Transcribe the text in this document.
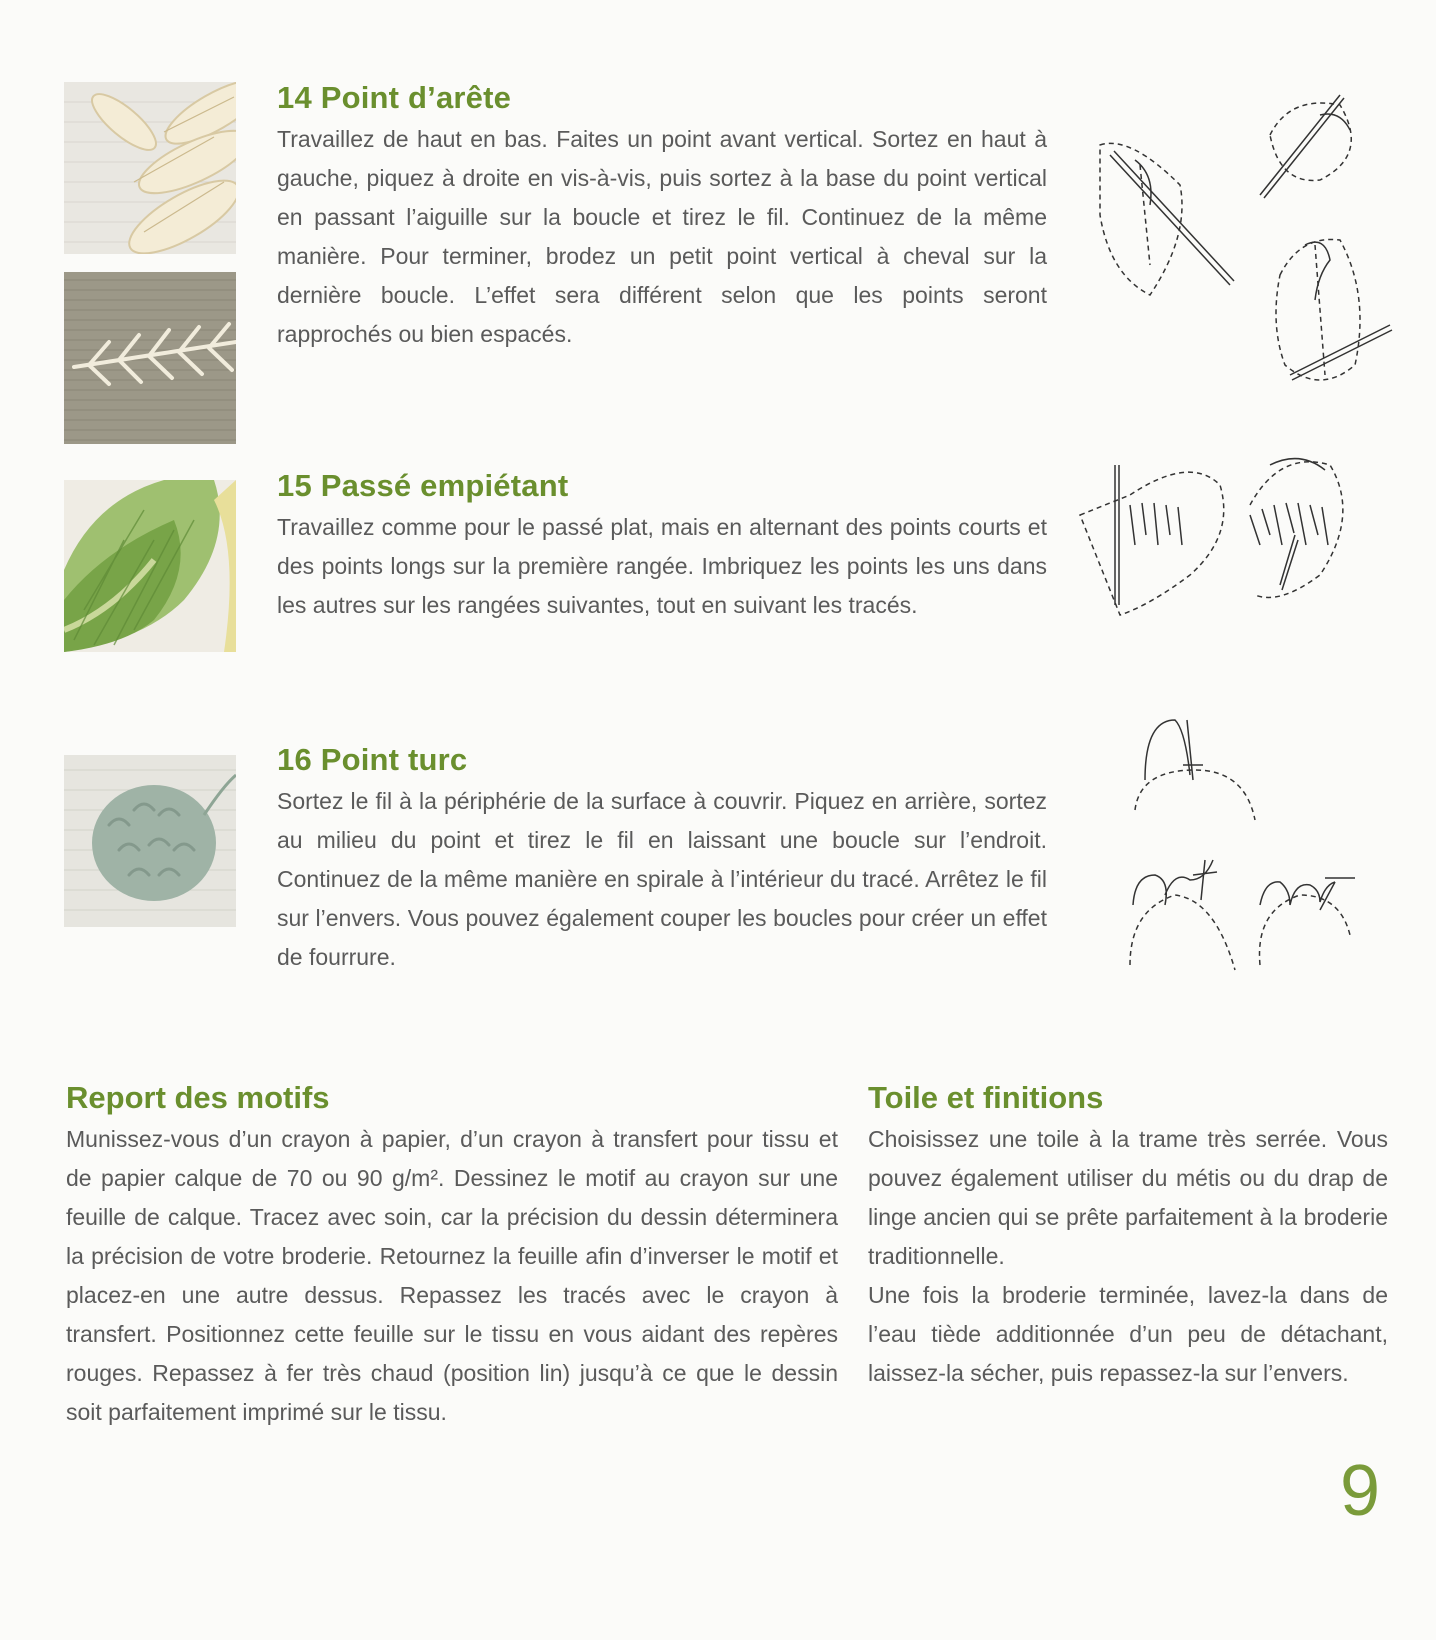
14 Point d’arête

Travaillez de haut en bas. Faites un point avant vertical. Sortez en haut à gauche, piquez à droite en vis-à-vis, puis sortez à la base du point vertical en passant l’aiguille sur la boucle et tirez le fil. Continuez de la même manière. Pour terminer, brodez un petit point vertical à cheval sur la dernière boucle. L’effet sera différent selon que les points seront rapprochés ou bien espacés.

15 Passé empiétant

Travaillez comme pour le passé plat, mais en alternant des points courts et des points longs sur la première rangée. Imbriquez les points les uns dans les autres sur les rangées suivantes, tout en suivant les tracés.

16 Point turc

Sortez le fil à la périphérie de la surface à couvrir. Piquez en arrière, sortez au milieu du point et tirez le fil en laissant une boucle sur l’endroit. Continuez de la même manière en spirale à l’intérieur du tracé. Arrêtez le fil sur l’envers. Vous pouvez également couper les boucles pour créer un effet de fourrure.

Report des motifs

Munissez-vous d’un crayon à papier, d’un crayon à transfert pour tissu et de papier calque de 70 ou 90 g/m². Dessinez le motif au crayon sur une feuille de calque. Tracez avec soin, car la précision du dessin déterminera la précision de votre broderie. Retournez la feuille afin d’inverser le motif et placez-en une autre dessus. Repassez les tracés avec le crayon à transfert. Positionnez cette feuille sur le tissu en vous aidant des repères rouges. Repassez à fer très chaud (position lin) jusqu’à ce que le dessin soit parfaitement imprimé sur le tissu.

Toile et finitions

Choisissez une toile à la trame très serrée. Vous pouvez également utiliser du métis ou du drap de linge ancien qui se prête parfaitement à la broderie traditionnelle.

Une fois la broderie terminée, lavez-la dans de l’eau tiède additionnée d’un peu de détachant, laissez-la sécher, puis repassez-la sur l’envers.

9
